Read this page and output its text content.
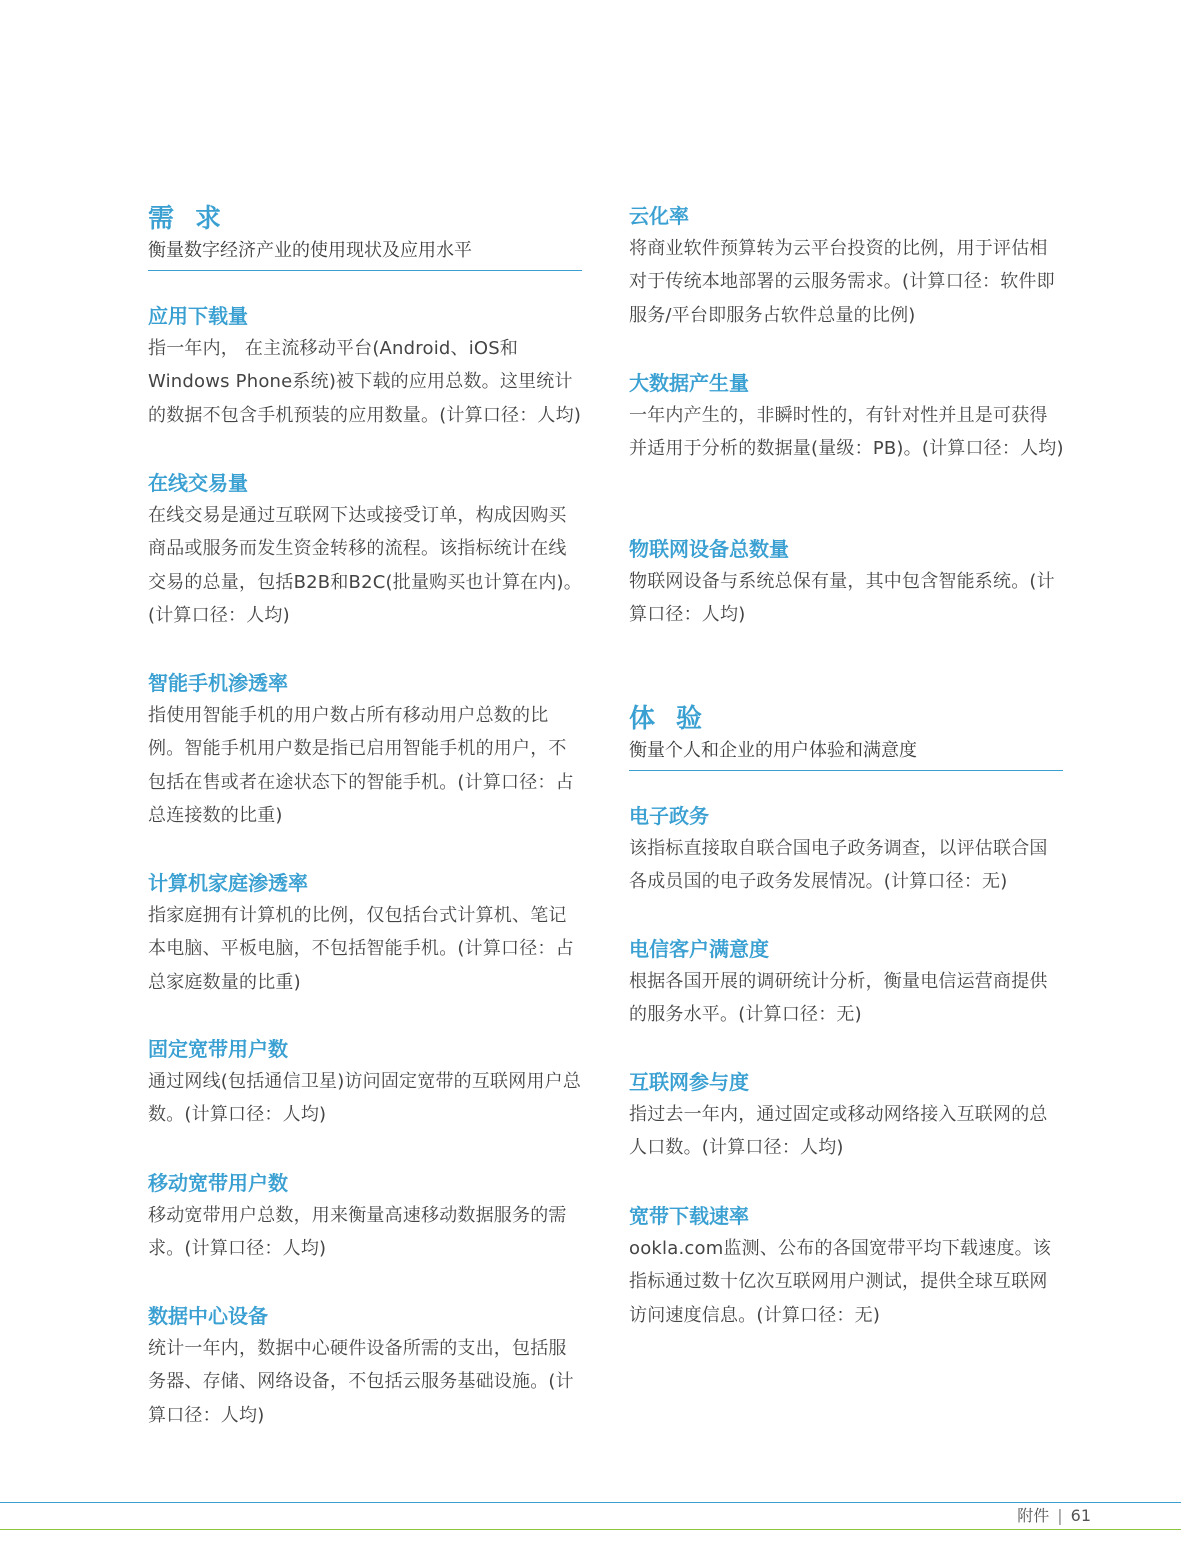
需 求

衡量数字经济产业的使用现状及应用水平

应用下载量

指一年内， 在主流移动平台(Android、iOS和Windows Phone系统)被下载的应用总数。这里统计的数据不包含手机预装的应用数量。(计算口径：人均)

在线交易量

在线交易是通过互联网下达或接受订单，构成因购买商品或服务而发生资金转移的流程。该指标统计在线交易的总量，包括B2B和B2C(批量购买也计算在内)。(计算口径：人均)

智能手机渗透率

指使用智能手机的用户数占所有移动用户总数的比例。智能手机用户数是指已启用智能手机的用户，不包括在售或者在途状态下的智能手机。(计算口径：占总连接数的比重)

计算机家庭渗透率

指家庭拥有计算机的比例，仅包括台式计算机、笔记本电脑、平板电脑，不包括智能手机。(计算口径：占总家庭数量的比重)

固定宽带用户数

通过网线(包括通信卫星)访问固定宽带的互联网用户总数。(计算口径：人均)

移动宽带用户数

移动宽带用户总数，用来衡量高速移动数据服务的需求。(计算口径：人均)

数据中心设备

统计一年内，数据中心硬件设备所需的支出，包括服务器、存储、网络设备，不包括云服务基础设施。(计算口径：人均)

云化率

将商业软件预算转为云平台投资的比例，用于评估相对于传统本地部署的云服务需求。(计算口径：软件即服务/平台即服务占软件总量的比例)

大数据产生量

一年内产生的，非瞬时性的，有针对性并且是可获得并适用于分析的数据量(量级：PB)。(计算口径：人均)

物联网设备总数量

物联网设备与系统总保有量，其中包含智能系统。(计算口径：人均)

体 验

衡量个人和企业的用户体验和满意度

电子政务

该指标直接取自联合国电子政务调查，以评估联合国各成员国的电子政务发展情况。(计算口径：无)

电信客户满意度

根据各国开展的调研统计分析，衡量电信运营商提供的服务水平。(计算口径：无)

互联网参与度

指过去一年内，通过固定或移动网络接入互联网的总人口数。(计算口径：人均)

宽带下载速率

ookla.com监测、公布的各国宽带平均下载速度。该指标通过数十亿次互联网用户测试，提供全球互联网访问速度信息。(计算口径：无)

附件 | 61
